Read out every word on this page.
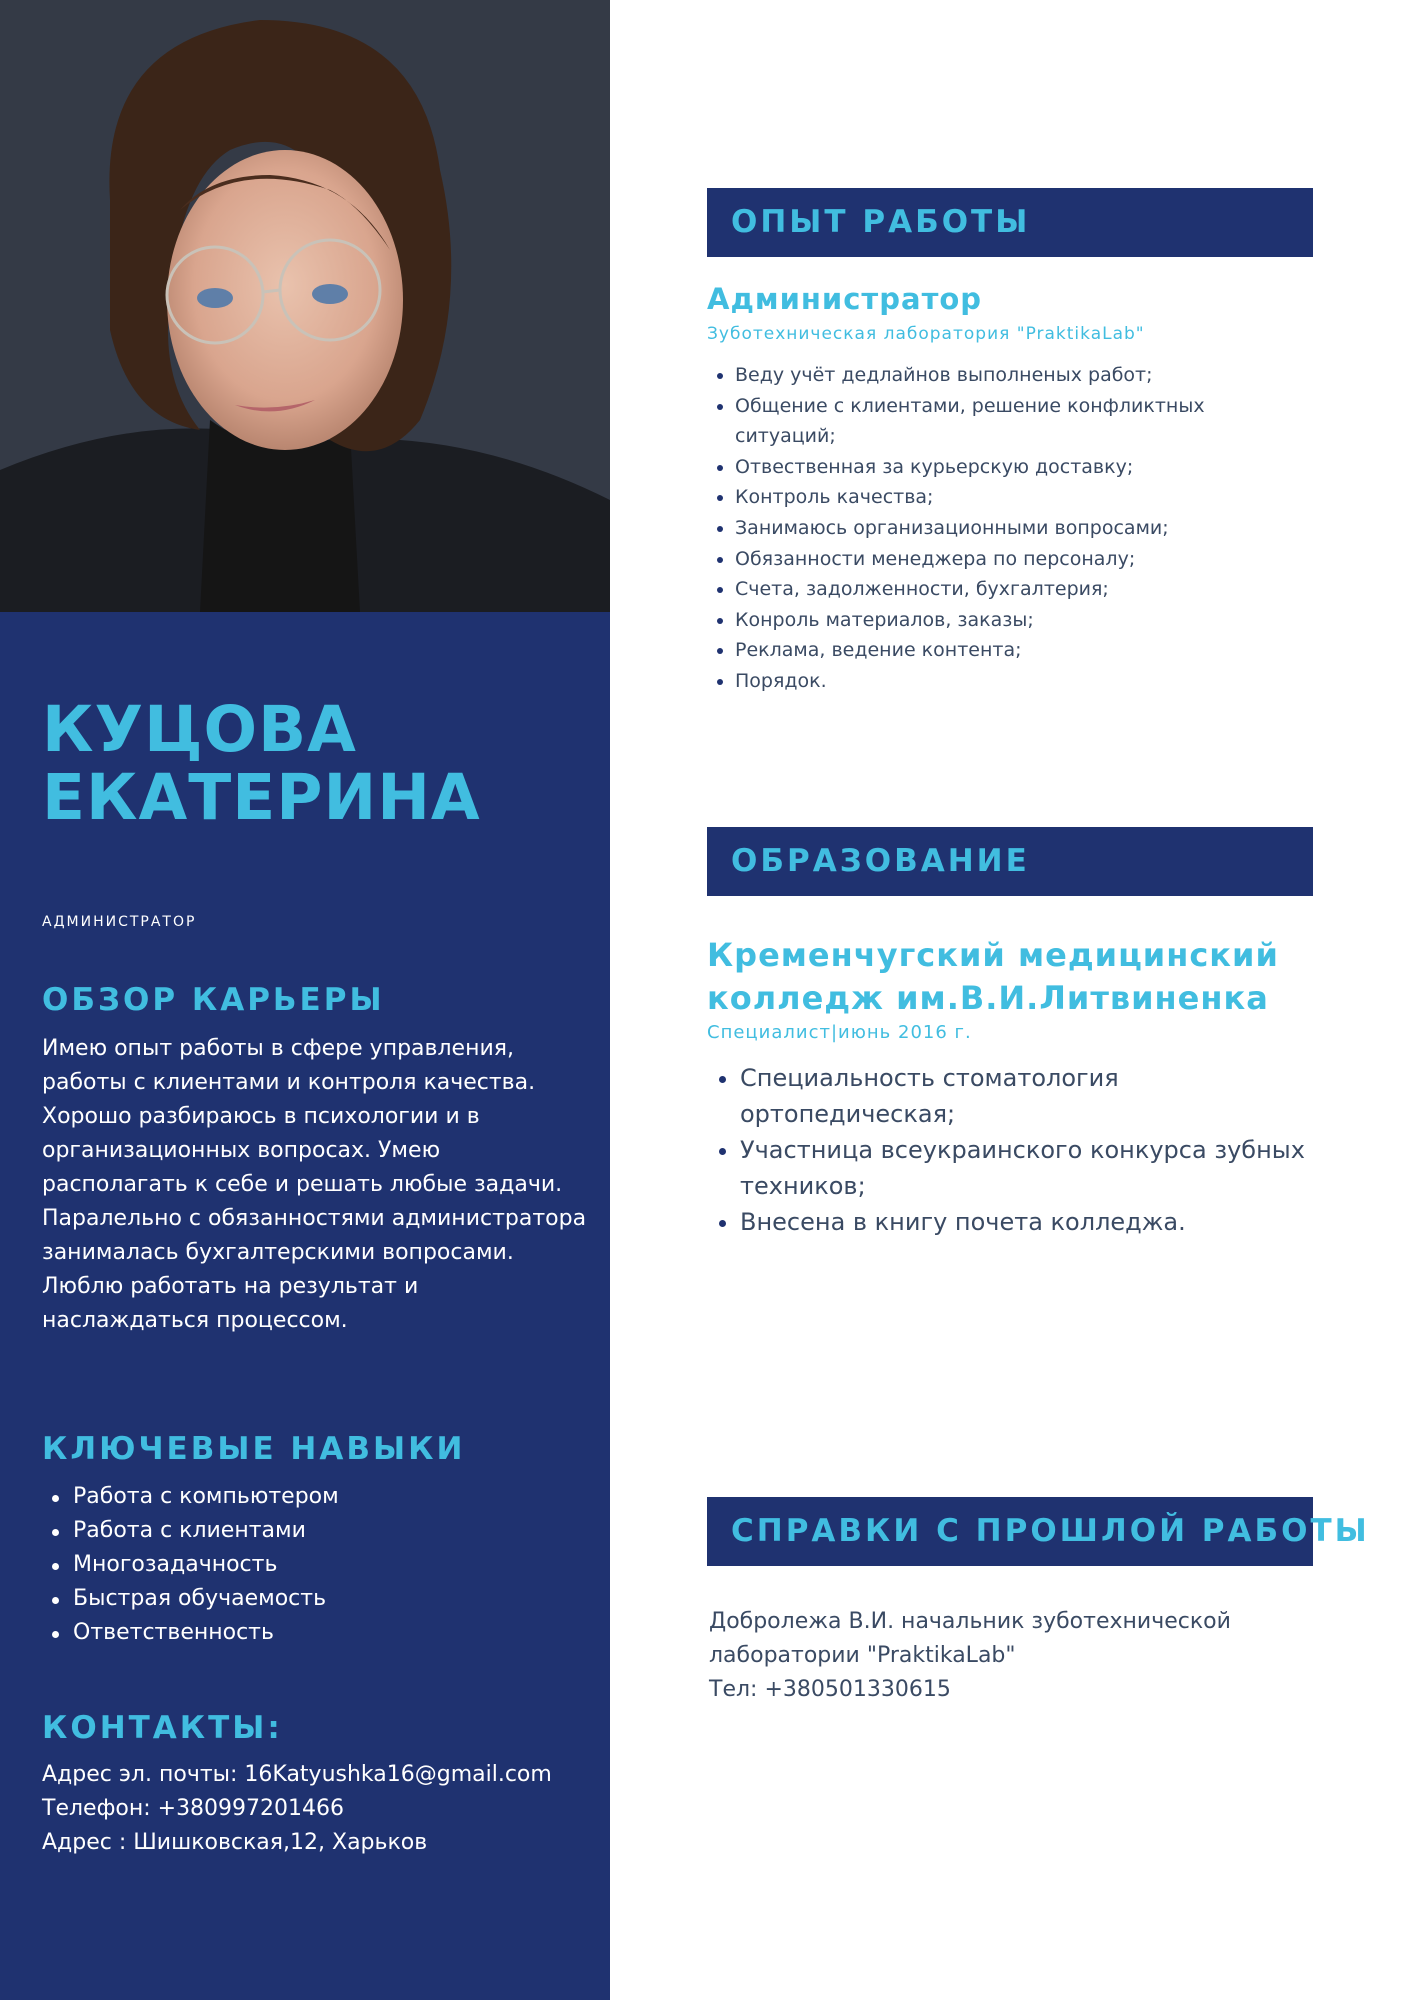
КУЦОВА
ЕКАТЕРИНА
АДМИНИСТРАТОР
ОБЗОР КАРЬЕРЫ
Имею опыт работы в сфере управления, работы с клиентами и контроля качества. Хорошо разбираюсь в психологии и в организационных вопросах. Умею располагать к себе и решать любые задачи. Паралельно с обязанностями администратора занималась бухгалтерскими вопросами. Люблю работать на результат и наслаждаться процессом.
КЛЮЧЕВЫЕ НАВЫКИ
Работа с компьютером
Работа с клиентами
Многозадачность
Быстрая обучаемость
Ответственность
КОНТАКТЫ:
Адрес эл. почты: 16Katyushka16@gmail.com
Телефон: +380997201466
Адрес : Шишковская,12, Харьков
ОПЫТ РАБОТЫ
Администратор
Зуботехническая лаборатория "PraktikaLab"
Веду учёт дедлайнов выполненых работ;
Общение с клиентами, решение конфликтных ситуаций;
Отвественная за курьерскую доставку;
Контроль качества;
Занимаюсь организационными вопросами;
Обязанности менеджера по персоналу;
Счета, задолженности, бухгалтерия;
Конроль материалов, заказы;
Реклама, ведение контента;
Порядок.
ОБРАЗОВАНИЕ
Кременчугский медицинский колледж им.В.И.Литвиненка
Специалист|июнь 2016 г.
Специальность стоматология ортопедическая;
Участница всеукраинского конкурса зубных техников;
Внесена в книгу почета колледжа.
СПРАВКИ С ПРОШЛОЙ РАБОТЫ
Добролежа В.И. начальник зуботехнической
лаборатории "PraktikaLab"
Тел: +380501330615
